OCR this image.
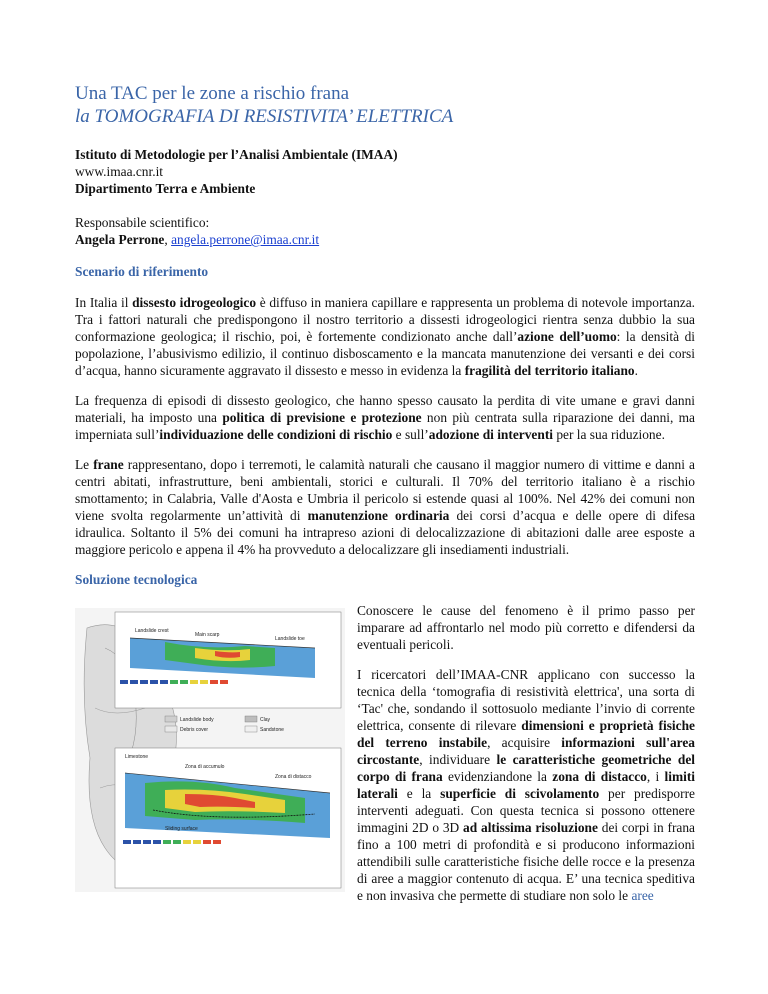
Una TAC per le zone a rischio frana
la TOMOGRAFIA DI RESISTIVITA’ ELETTRICA
Istituto di Metodologie per l’Analisi Ambientale (IMAA)
www.imaa.cnr.it
Dipartimento Terra e Ambiente
Responsabile scientifico:
Angela Perrone, angela.perrone@imaa.cnr.it
Scenario di riferimento

In Italia il dissesto idrogeologico è diffuso in maniera capillare e rappresenta un problema di notevole importanza. Tra i fattori naturali che predispongono il nostro territorio a dissesti idrogeologici rientra senza dubbio la sua conformazione geologica; il rischio, poi, è fortemente condizionato anche dall’azione dell’uomo: la densità di popolazione, l’abusivismo edilizio, il continuo disboscamento e la mancata manutenzione dei versanti e dei corsi d’acqua, hanno sicuramente aggravato il dissesto e messo in evidenza la fragilità del territorio italiano.

La frequenza di episodi di dissesto geologico, che hanno spesso causato la perdita di vite umane e gravi danni materiali, ha imposto una politica di previsione e protezione non più centrata sulla riparazione dei danni, ma imperniata sull’individuazione delle condizioni di rischio e sull’adozione di interventi per la sua riduzione.

Le frane rappresentano, dopo i terremoti, le calamità naturali che causano il maggior numero di vittime e danni a centri abitati, infrastrutture, beni ambientali, storici e culturali. Il 70% del territorio italiano è a rischio smottamento; in Calabria, Valle d'Aosta e Umbria il pericolo si estende quasi al 100%. Nel 42% dei comuni non viene svolta regolarmente un’attività di manutenzione ordinaria dei corsi d’acqua e delle opere di difesa idraulica. Soltanto il 5% dei comuni ha intrapreso azioni di delocalizzazione di abitazioni dalle aree esposte a maggiore pericolo e appena il 4% ha provveduto a delocalizzare gli insediamenti industriali.

Soluzione tecnologica
Landslide crest
Main scarp
Landslide toe
Landslide body
Debris cover
Clay
Sandstone
Zona di accumulo
Zona di distacco
Sliding surface
Limestone

Conoscere le cause del fenomeno è il primo passo per imparare ad affrontarlo nel modo più corretto e difendersi da eventuali pericoli.

I ricercatori dell’IMAA-CNR applicano con successo la tecnica della ‘tomografia di resistività elettrica', una sorta di ‘Tac' che, sondando il sottosuolo mediante l’invio di corrente elettrica, consente di rilevare dimensioni e proprietà fisiche del terreno instabile, acquisire informazioni sull'area circostante, individuare le caratteristiche geometriche del corpo di frana evidenziandone la zona di distacco, i limiti laterali e la superficie di scivolamento per predisporre interventi adeguati. Con questa tecnica si possono ottenere immagini 2D o 3D ad altissima risoluzione dei corpi in frana fino a 100 metri di profondità e si producono informazioni attendibili sulle caratteristiche fisiche delle rocce e la presenza di aree a maggior contenuto di acqua. E’ una tecnica speditiva e non invasiva che permette di studiare non solo le aree
